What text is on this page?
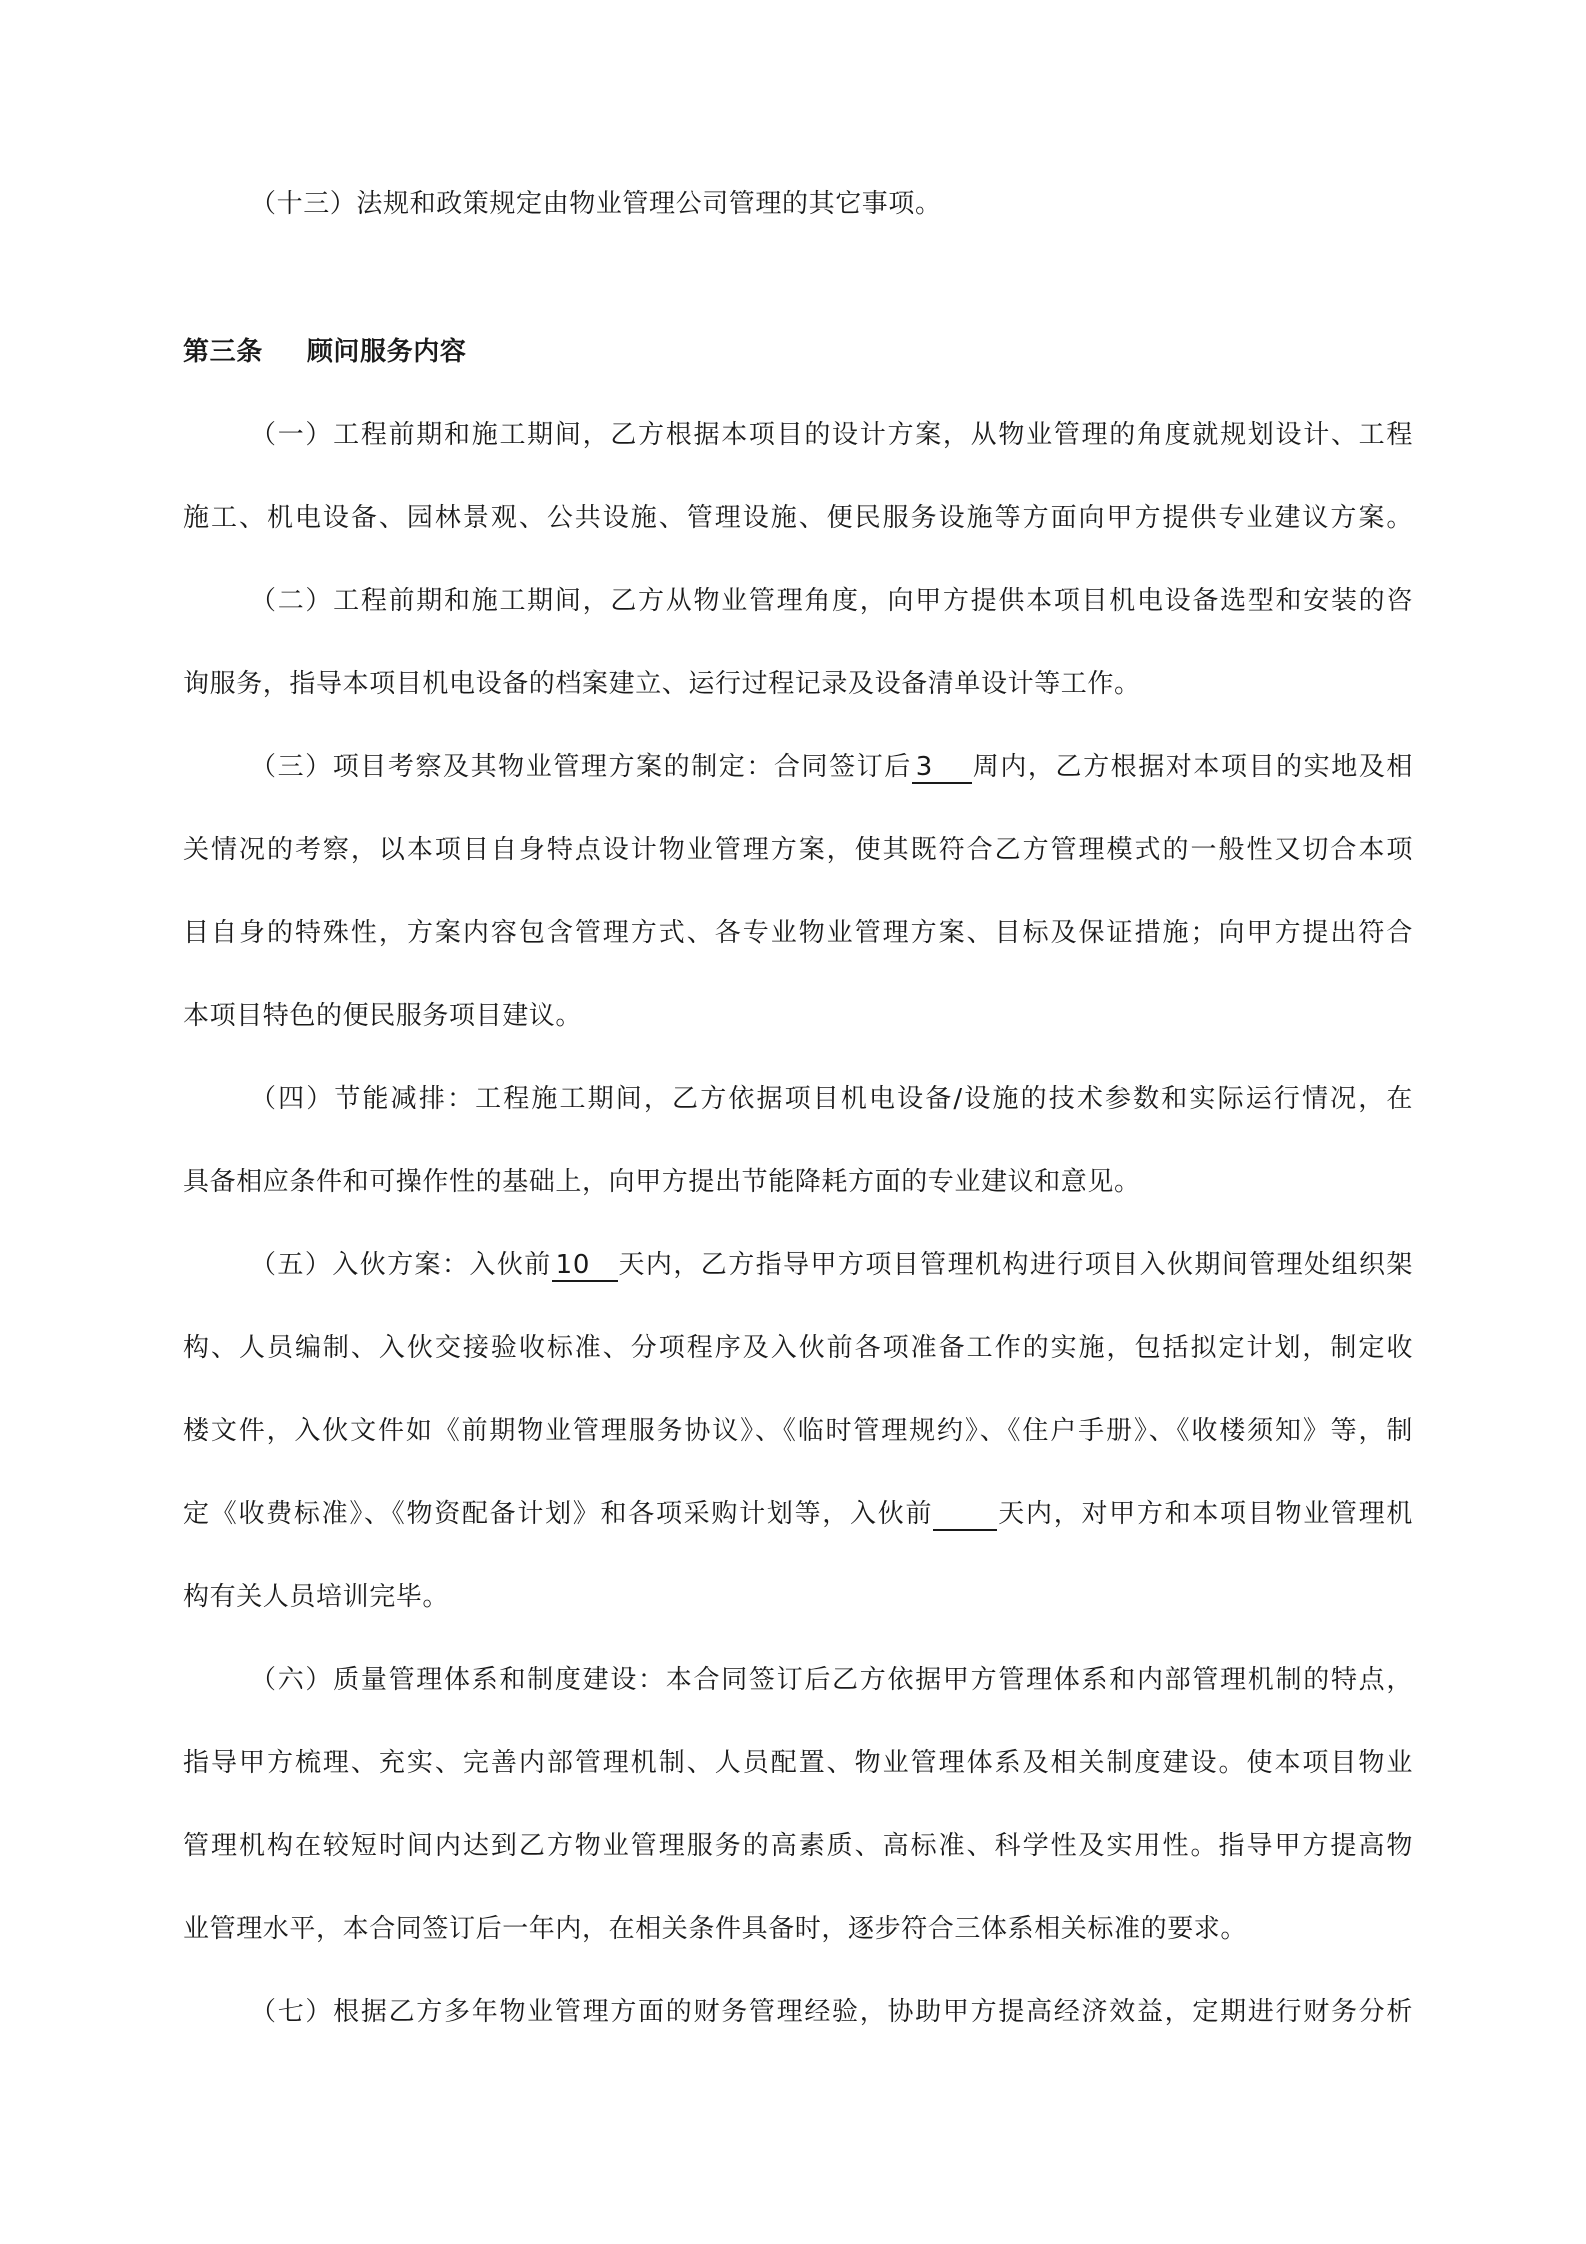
（十三）法规和政策规定由物业管理公司管理的其它事项。
第三条 顾问服务内容
（一）工程前期和施工期间，乙方根据本项目的设计方案，从物业管理的角度就规划设计、工程
施工、机电设备、园林景观、公共设施、管理设施、便民服务设施等方面向甲方提供专业建议方案。
（二）工程前期和施工期间，乙方从物业管理角度，向甲方提供本项目机电设备选型和安装的咨
询服务，指导本项目机电设备的档案建立、运行过程记录及设备清单设计等工作。
（三）项目考察及其物业管理方案的制定：合同签订后 3 周内，乙方根据对本项目的实地及相
关情况的考察，以本项目自身特点设计物业管理方案，使其既符合乙方管理模式的一般性又切合本项
目自身的特殊性，方案内容包含管理方式、各专业物业管理方案、目标及保证措施；向甲方提出符合
本项目特色的便民服务项目建议。
（四）节能减排：工程施工期间，乙方依据项目机电设备/设施的技术参数和实际运行情况，在
具备相应条件和可操作性的基础上，向甲方提出节能降耗方面的专业建议和意见。
（五）入伙方案：入伙前 10 天内，乙方指导甲方项目管理机构进行项目入伙期间管理处组织架
构、人员编制、入伙交接验收标准、分项程序及入伙前各项准备工作的实施，包括拟定计划，制定收
楼文件，入伙文件如《前期物业管理服务协议》、《临时管理规约》、《住户手册》、《收楼须知》等，制
定《收费标准》、《物资配备计划》和各项采购计划等，入伙前 天内，对甲方和本项目物业管理机
构有关人员培训完毕。
（六）质量管理体系和制度建设：本合同签订后乙方依据甲方管理体系和内部管理机制的特点，
指导甲方梳理、充实、完善内部管理机制、人员配置、物业管理体系及相关制度建设。使本项目物业
管理机构在较短时间内达到乙方物业管理服务的高素质、高标准、科学性及实用性。指导甲方提高物
业管理水平，本合同签订后一年内，在相关条件具备时，逐步符合三体系相关标准的要求。
（七）根据乙方多年物业管理方面的财务管理经验，协助甲方提高经济效益，定期进行财务分析
